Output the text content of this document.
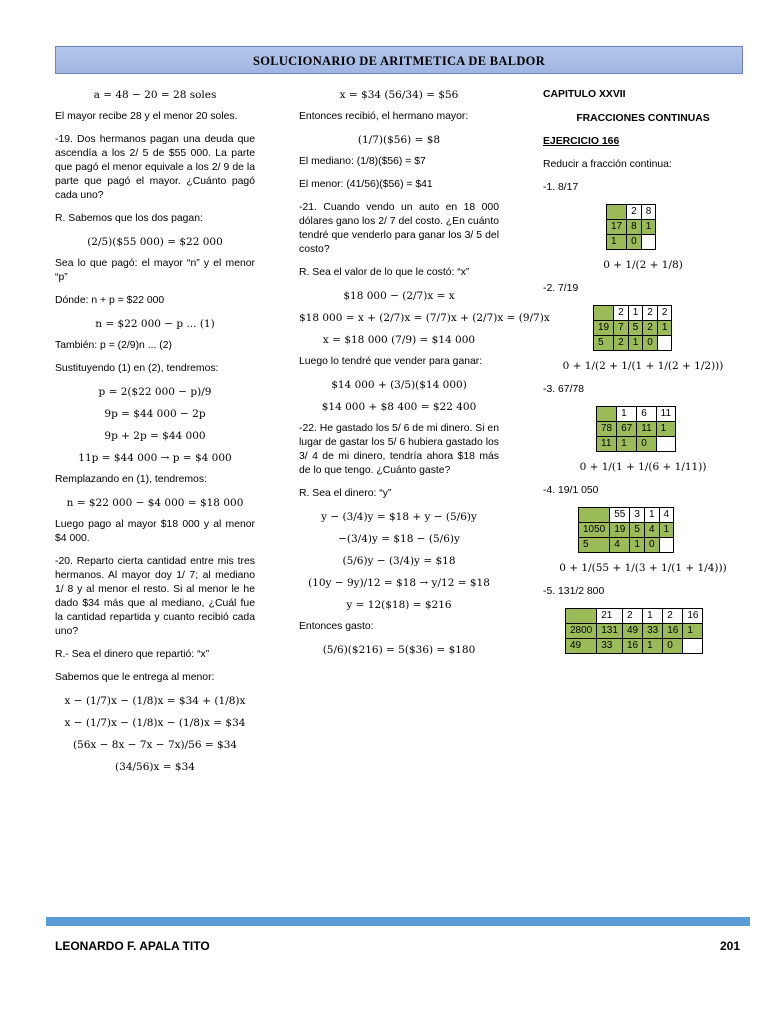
SOLUCIONARIO DE ARITMETICA DE BALDOR
a = 48 − 20 = 28 soles
El mayor recibe 28 y el menor 20 soles.
-19. Dos hermanos pagan una deuda que ascendía a los 2/ 5 de $55 000. La parte que pagó el menor equivale a los 2/ 9 de la parte que pagó el mayor. ¿Cuánto pagó cada uno?
R. Sabemos que los dos pagan:
(2/5)($55 000) = $22 000
Sea lo que pagó: el mayor “n” y el menor “p”
Dónde: n + p = $22 000
n = $22 000 − p ... (1)
También: p = (2/9)n ... (2)
Sustituyendo (1) en (2), tendremos:
p = 2($22 000 − p)/9
9p = $44 000 − 2p
9p + 2p = $44 000
11p = $44 000 → p = $4 000
Remplazando en (1), tendremos:
n = $22 000 − $4 000 = $18 000
Luego pago al mayor $18 000 y al menor $4 000.
-20. Reparto cierta cantidad entre mis tres hermanos. Al mayor doy 1/ 7; al mediano 1/ 8 y al menor el resto. Si al menor le he dado $34 más que al mediano, ¿Cuál fue la cantidad repartida y cuanto recibió cada uno?
R.- Sea el dinero que repartió: “x”
Sabemos que le entrega al menor:
x − (1/7)x − (1/8)x = $34 + (1/8)x
x − (1/7)x − (1/8)x − (1/8)x = $34
(56x − 8x − 7x − 7x)/56 = $34
(34/56)x = $34
x = $34 (56/34) = $56
Entonces recibió, el hermano mayor:
(1/7)($56) = $8
El mediano: (1/8)($56) = $7
El menor: (41/56)($56) = $41
-21. Cuando vendo un auto en 18 000 dólares gano los 2/ 7 del costo. ¿En cuánto tendré que venderlo para ganar los 3/ 5 del costo?
R. Sea el valor de lo que le costó: “x”
$18 000 − (2/7)x = x
$18 000 = x + (2/7)x = (7/7)x + (2/7)x = (9/7)x
x = $18 000 (7/9) = $14 000
Luego lo tendré que vender para ganar:
$14 000 + (3/5)($14 000)
$14 000 + $8 400 = $22 400
-22. He gastado los 5/ 6 de mi dinero. Si en lugar de gastar los 5/ 6 hubiera gastado los 3/ 4 de mi dinero, tendría ahora $18 más de lo que tengo. ¿Cuánto gaste?
R. Sea el dinero: “y”
y − (3/4)y = $18 + y − (5/6)y
−(3/4)y = $18 − (5/6)y
(5/6)y − (3/4)y = $18
(10y − 9y)/12 = $18 → y/12 = $18
y = 12($18) = $216
Entonces gasto:
(5/6)($216) = 5($36) = $180
CAPITULO XXVII
FRACCIONES CONTINUAS
EJERCICIO 166
Reducir a fracción continua:
-1. 8/17
	2	8
17	8	1
1	0	
0 + 1/(2 + 1/8)
-2. 7/19
	2	1	2	2
19	7	5	2	1
5	2	1	0	
0 + 1/(2 + 1/(1 + 1/(2 + 1/2)))
-3. 67/78
	1	6	11
78	67	11	1
11	1	0	
0 + 1/(1 + 1/(6 + 1/11))
-4. 19/1 050
	55	3	1	4
1050	19	5	4	1
5	4	1	0	
0 + 1/(55 + 1/(3 + 1/(1 + 1/4)))
-5. 131/2 800
	21	2	1	2	16
2800	131	49	33	16	1
49	33	16	1	0	
LEONARDO F. APALA TITO	201
